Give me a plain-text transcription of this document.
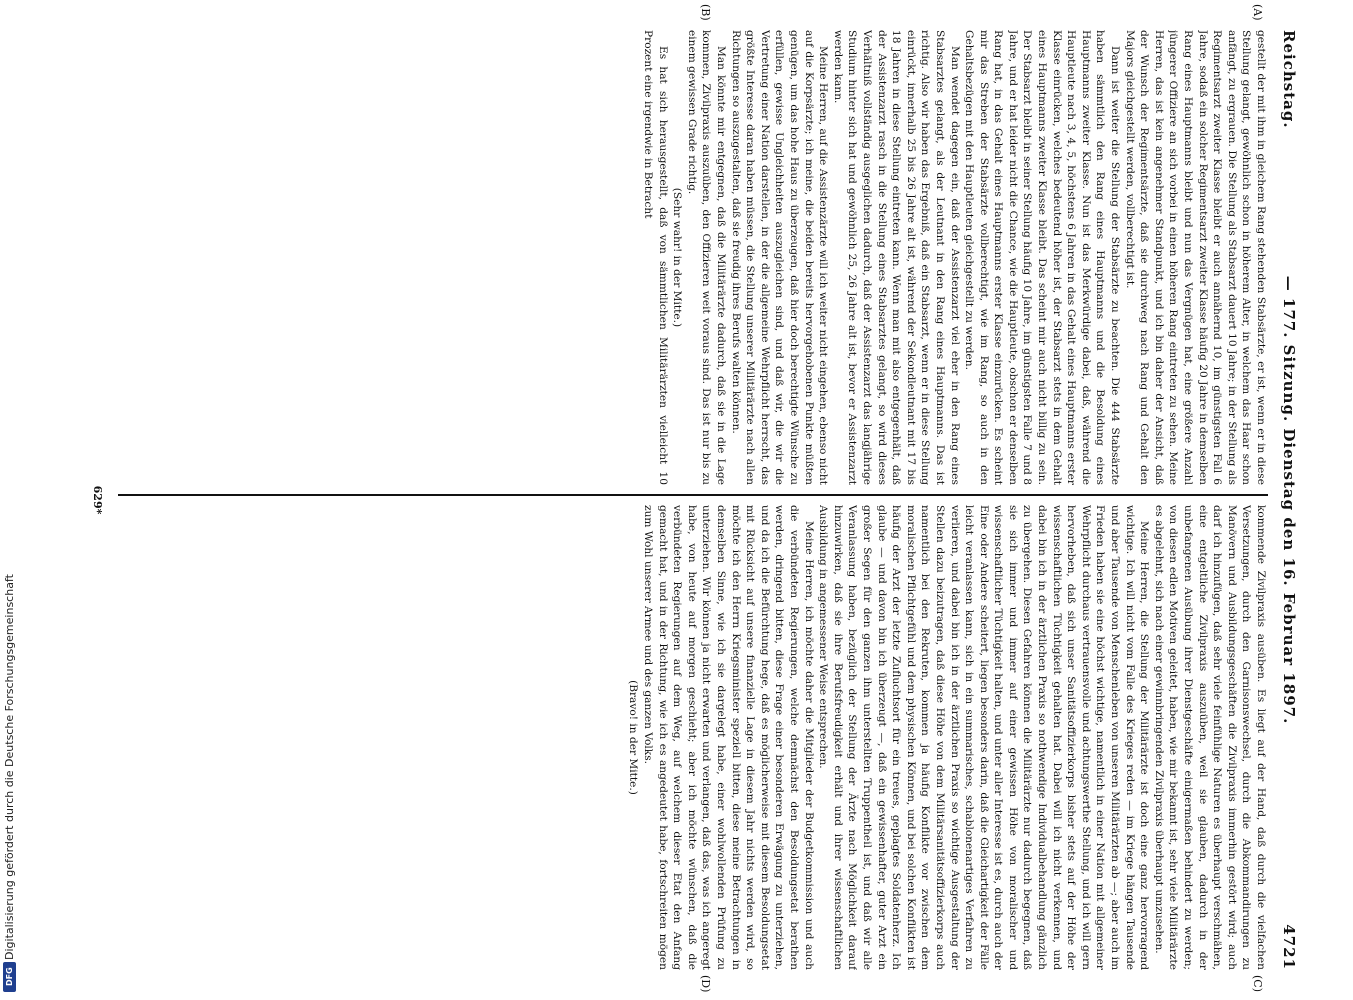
Reichstag.
— 177. Sitzung. Dienstag den 16. Februar 1897.
4721
(A)
(B)
(C)
(D)

gestellt der mit ihm in gleichem Rang stehenden Stabsärzte, er ist, wenn er in diese Stellung gelangt, gewöhnlich schon in höherem Alter, in welchem das Haar schon anfängt, zu ergrauen. Die Stellung als Stabsarzt dauert 10 Jahre; in der Stellung als Regimentsarzt zweiter Klasse bleibt er auch annähernd 10, im günstigsten Fall 6 Jahre, sodaß ein solcher Regimentsarzt zweiter Klasse häufig 20 Jahre in demselben Rang eines Hauptmanns bleibt und nun das Vergnügen hat, eine größere Anzahl jüngerer Offiziere an sich vorbei in einen höheren Rang eintreten zu sehen. Meine Herren, das ist kein angenehmer Standpunkt, und ich bin daher der Ansicht, daß der Wunsch der Regimentsärzte, daß sie durchweg nach Rang und Gehalt den Majors gleichgestellt werden, vollberechtigt ist.

Dann ist weiter die Stellung der Stabsärzte zu beachten. Die 444 Stabsärzte haben sämmtlich den Rang eines Hauptmanns und die Besoldung eines Hauptmanns zweiter Klasse. Nun ist das Merkwürdige dabei, daß, während die Hauptleute nach 3, 4, 5, höchstens 6 Jahren in das Gehalt eines Hauptmanns erster Klasse einrücken, welches bedeutend höher ist, der Stabsarzt stets in dem Gehalt eines Hauptmanns zweiter Klasse bleibt. Das scheint mir auch nicht billig zu sein. Der Stabsarzt bleibt in seiner Stellung häufig 10 Jahre, im günstigsten Falle 7 und 8 Jahre, und er hat leider nicht die Chance, wie die Hauptleute, obschon er denselben Rang hat, in das Gehalt eines Hauptmanns erster Klasse einzurücken. Es scheint mir das Streben der Stabsärzte vollberechtigt, wie im Rang, so auch in den Gehaltsbezügen mit den Hauptleuten gleichgestellt zu werden.

Man wendet dagegen ein, daß der Assistenzarzt viel eher in den Rang eines Stabsarztes gelangt, als der Leutnant in den Rang eines Hauptmanns. Das ist richtig. Also wir haben das Ergebniß, daß ein Stabsarzt, wenn er in diese Stellung einrückt, innerhalb 25 bis 26 Jahre alt ist, während der Sekondleutnant mit 17 bis 18 Jahren in diese Stellung eintreten kann. Wenn man mit also entgegenhält, daß der Assistenzarzt rasch in die Stellung eines Stabsarztes gelangt, so wird dieses Verhältniß vollständig ausgeglichen dadurch, daß der Assistenzarzt das langjährige Studium hinter sich hat und gewöhnlich 25, 26 Jahre alt ist, bevor er Assistenzarzt werden kann.

Meine Herren, auf die Assistenzärzte will ich weiter nicht eingehen, ebenso nicht auf die Korpsärzte; ich meine, die beiden bereits hervorgehobenen Punkte müßten genügen, um das hohe Haus zu überzeugen, daß hier doch berechtigte Wünsche zu erfüllen, gewisse Ungleichheiten auszugleichen sind, und daß wir, die wir die Vertretung einer Nation darstellen, in der die allgemeine Wehrpflicht herrscht, das größte Interesse daran haben müssen, die Stellung unserer Militärärzte nach allen Richtungen so auszugestalten, daß sie freudig ihres Berufs walten können.

Man könnte mir entgegnen, daß die Militärärzte dadurch, daß sie in die Lage kommen, Zivilpraxis auszuüben, den Offizieren weit voraus sind. Das ist nur bis zu einem gewissen Grade richtig.

(Sehr wahr! in der Mitte.)

Es hat sich herausgestellt, daß von sämmtlichen Militärärzten vielleicht 10 Prozent eine irgendwie in Betracht

kommende Zivilpraxis ausüben. Es liegt auf der Hand, daß durch die vielfachen Versetzungen, durch den Garnisonswechsel, durch die Abkommandirungen zu Manövern und Ausbildungsgeschäften die Zivilpraxis immerhin gestört wird; auch darf ich hinzufügen, daß sehr viele feinfühlige Naturen es überhaupt verschmähen, eine entgeltliche Zivilpraxis auszuüben, weil sie glauben, dadurch in der unbefangenen Ausübung ihrer Dienstgeschäfte einigermaßen behindert zu werden; von diesen edlen Motiven geleitet, haben, wie mir bekannt ist, sehr viele Militärärzte es abgelehnt, sich nach einer gewinnbringenden Zivilpraxis überhaupt umzusehen.

Meine Herren, die Stellung der Militärärzte ist doch eine ganz hervorragend wichtige. Ich will nicht vom Falle des Krieges reden — im Kriege hängen Tausende und aber Tausende von Menschenleben von unseren Militärärzten ab —; aber auch im Frieden haben sie eine höchst wichtige, namentlich in einer Nation mit allgemeiner Wehrpflicht durchaus vertrauensvolle und achtungswerthe Stellung, und ich will gern hervorheben, daß sich unser Sanitätsoffizierkorps bisher stets auf der Höhe der wissenschaftlichen Tüchtigkeit gehalten hat. Dabei will ich nicht verkennen, und dabei bin ich in der ärztlichen Praxis so nothwendige Individualbehandlung gänzlich zu übergehen. Diesen Gefahren können die Militärärzte nur dadurch begegnen, daß sie sich immer und immer auf einer gewissen Höhe von moralischer und wissenschaftlicher Tüchtigkeit halten, und unter aller Interesse ist es, durch auch der Eine oder Andere scheitert, liegen besonders darin, daß die Gleichartigkeit der Fälle leicht veranlassen kann, sich in ein summarisches, schablonenartiges Verfahren zu verlieren, und dabei bin ich in der ärztlichen Praxis so wichtige Ausgestaltung der Stellen dazu beizutragen, daß diese Höhe von dem Militärsanitätsoffizierkorps auch namentlich bei den Rekruten, kommen ja häufig Konflikte vor zwischen dem moralischen Pflichtgefühl und dem physischen Können, und bei solchen Konflikten ist häufig der Arzt der letzte Zufluchtsort für ein treues, geplagtes Soldatenherz. Ich glaube — und davon bin ich überzeugt —, daß ein gewissenhafter, guter Arzt ein großer Segen für den ganzen ihm unterstellten Truppentheil ist, und daß wir alle Veranlassung haben, bezüglich der Stellung der Ärzte nach Möglichkeit darauf hinzuwirken, daß sie ihre Berufsfreudigkeit erhält und ihrer wissenschaftlichen Ausbildung in angemessener Weise entsprechen.

Meine Herren, ich möchte daher die Mitglieder der Budgetkommission und auch die verbündeten Regierungen, welche demnächst den Besoldungsetat berathen werden, dringend bitten, diese Frage einer besonderen Erwägung zu unterziehen, und da ich die Befürchtung hege, daß es möglicherweise mit diesem Besoldungsetat mit Rücksicht auf unsere finanzielle Lage in diesem Jahr nichts werden wird, so möchte ich den Herrn Kriegsminister speziell bitten, diese meine Betrachtungen in demselben Sinne, wie ich sie dargelegt habe, einer wohlwollenden Prüfung zu unterziehen. Wir können ja nicht erwarten und verlangen, daß das, was ich angeregt habe, von heute auf morgen geschieht; aber ich möchte wünschen, daß die verbündeten Regierungen auf dem Weg, auf welchem dieser Etat den Anfang gemacht hat, und in der Richtung, wie ich es angedeutet habe, fortschreiten mögen zum Wohl unserer Armee und des ganzen Volks.

(Bravo! in der Mitte.)

629*
Digitalisierung gefördert durch die Deutsche Forschungsgemeinschaft
DFG
